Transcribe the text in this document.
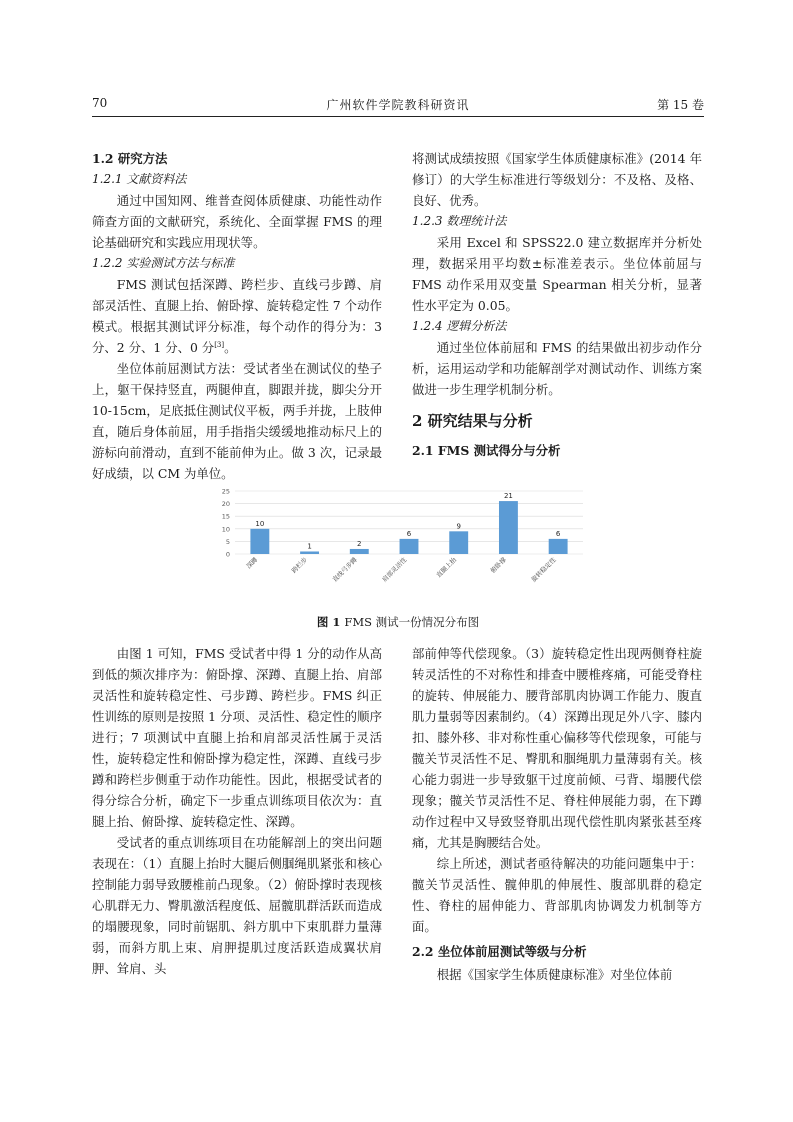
广州软件学院教科研资讯
70	第 15 卷

1.2 研究方法

1.2.1 文献资料法

通过中国知网、维普查阅体质健康、功能性动作筛查方面的文献研究，系统化、全面掌握 FMS 的理论基础研究和实践应用现状等。

1.2.2 实验测试方法与标准

FMS 测试包括深蹲、跨栏步、直线弓步蹲、肩部灵活性、直腿上抬、俯卧撑、旋转稳定性 7 个动作模式。根据其测试评分标准，每个动作的得分为：3 分、2 分、1 分、0 分[3]。

坐位体前屈测试方法：受试者坐在测试仪的垫子上，躯干保持竖直，两腿伸直，脚跟并拢，脚尖分开 10-15cm，足底抵住测试仪平板，两手并拢，上肢伸直，随后身体前屈，用手指指尖缓缓地推动标尺上的游标向前滑动，直到不能前伸为止。做 3 次，记录最好成绩，以 CM 为单位。

将测试成绩按照《国家学生体质健康标准》(2014 年修订）的大学生标准进行等级划分：不及格、及格、良好、优秀。

1.2.3 数理统计法

采用 Excel 和 SPSS22.0 建立数据库并分析处理，数据采用平均数±标准差表示。坐位体前屈与 FMS 动作采用双变量 Spearman 相关分析，显著性水平定为 0.05。

1.2.4 逻辑分析法

通过坐位体前屈和 FMS 的结果做出初步动作分析，运用运动学和功能解剖学对测试动作、训练方案做进一步生理学机制分析。

2 研究结果与分析

2.1 FMS 测试得分与分析

0
5
10
15
20
25
10
深蹲
1
跨栏步
2
直线弓步蹲
6
肩部灵活性
9
直腿上抬
21
俯卧撑
6
旋转稳定性
图 1 FMS 测试一份情况分布图

由图 1 可知，FMS 受试者中得 1 分的动作从高到低的频次排序为：俯卧撑、深蹲、直腿上抬、肩部灵活性和旋转稳定性、弓步蹲、跨栏步。FMS 纠正性训练的原则是按照 1 分项、灵活性、稳定性的顺序进行；7 项测试中直腿上抬和肩部灵活性属于灵活性，旋转稳定性和俯卧撑为稳定性，深蹲、直线弓步蹲和跨栏步侧重于动作功能性。因此，根据受试者的得分综合分析，确定下一步重点训练项目依次为：直腿上抬、俯卧撑、旋转稳定性、深蹲。

受试者的重点训练项目在功能解剖上的突出问题表现在：（1）直腿上抬时大腿后侧腘绳肌紧张和核心控制能力弱导致腰椎前凸现象。（2）俯卧撑时表现核心肌群无力、臀肌激活程度低、屈髋肌群活跃而造成的塌腰现象，同时前锯肌、斜方肌中下束肌群力量薄弱，而斜方肌上束、肩胛提肌过度活跃造成翼状肩胛、耸肩、头

部前伸等代偿现象。（3）旋转稳定性出现两侧脊柱旋转灵活性的不对称性和排查中腰椎疼痛，可能受脊柱的旋转、伸展能力、腰背部肌肉协调工作能力、腹直肌力量弱等因素制约。（4）深蹲出现足外八字、膝内扣、膝外移、非对称性重心偏移等代偿现象，可能与髋关节灵活性不足、臀肌和腘绳肌力量薄弱有关。核心能力弱进一步导致躯干过度前倾、弓背、塌腰代偿现象；髋关节灵活性不足、脊柱伸展能力弱，在下蹲动作过程中又导致竖脊肌出现代偿性肌肉紧张甚至疼痛，尤其是胸腰结合处。

综上所述，测试者亟待解决的功能问题集中于：髋关节灵活性、髋伸肌的伸展性、腹部肌群的稳定性、脊柱的屈伸能力、背部肌肉协调发力机制等方面。

2.2 坐位体前屈测试等级与分析

根据《国家学生体质健康标准》对坐位体前
